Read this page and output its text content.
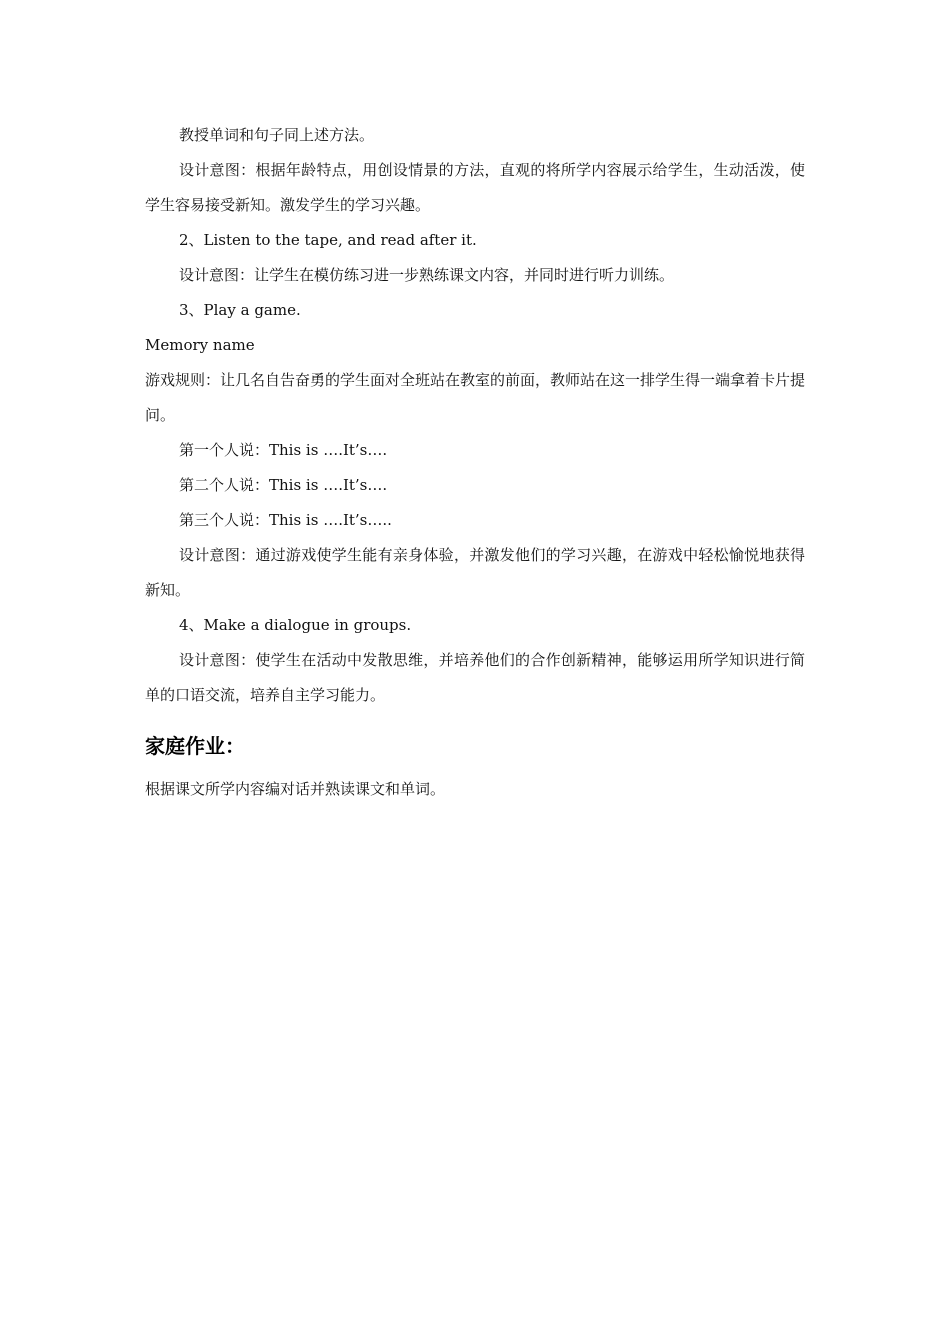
教授单词和句子同上述方法。

设计意图：根据年龄特点，用创设情景的方法，直观的将所学内容展示给学生，生动活泼，使学生容易接受新知。激发学生的学习兴趣。

2、Listen to the tape, and read after it.

设计意图：让学生在模仿练习进一步熟练课文内容，并同时进行听力训练。

3、Play a game.

Memory name

游戏规则：让几名自告奋勇的学生面对全班站在教室的前面，教师站在这一排学生得一端拿着卡片提问。

第一个人说：This is ….It’s….

第二个人说：This is ….It’s….

第三个人说：This is ….It’s…..

设计意图：通过游戏使学生能有亲身体验，并激发他们的学习兴趣，在游戏中轻松愉悦地获得新知。

4、Make a dialogue in groups.

设计意图：使学生在活动中发散思维，并培养他们的合作创新精神，能够运用所学知识进行简单的口语交流，培养自主学习能力。

家庭作业：

根据课文所学内容编对话并熟读课文和单词。
